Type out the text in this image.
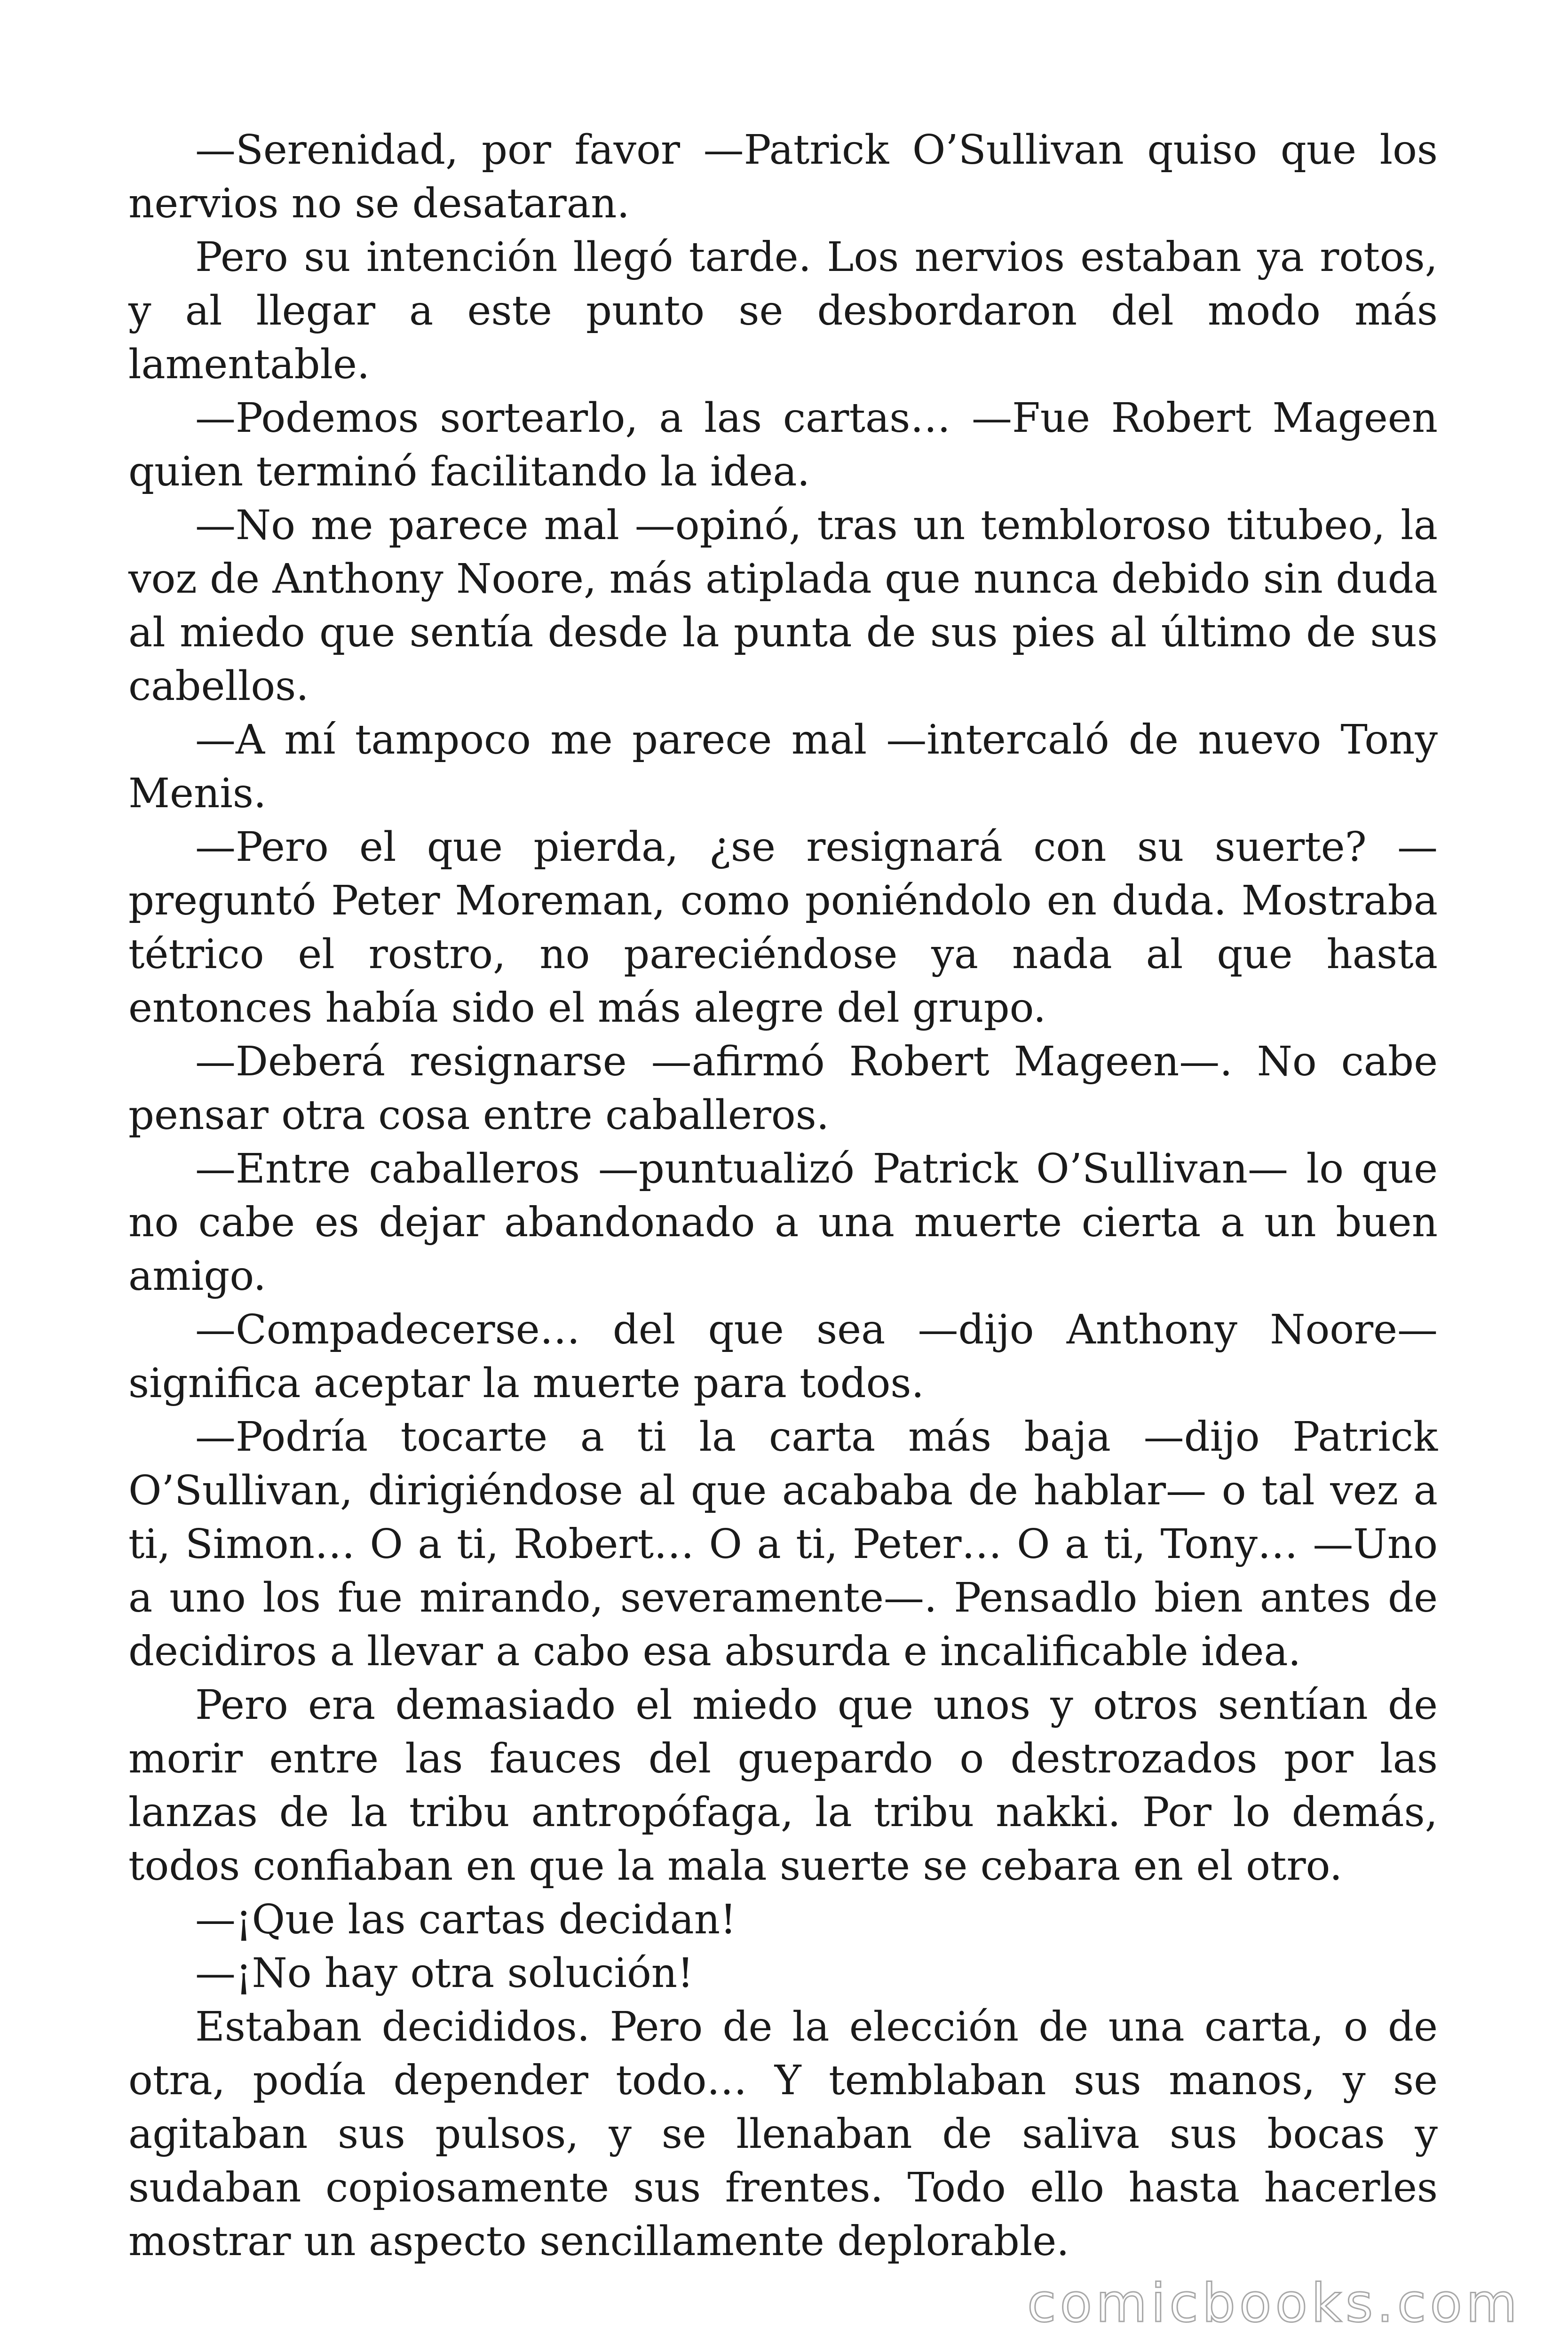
—Serenidad, por favor —Patrick O’Sullivan quiso que los nervios no se desataran.

Pero su intención llegó tarde. Los nervios estaban ya rotos, y al llegar a este punto se desbordaron del modo más lamentable.

—Podemos sortearlo, a las cartas… —Fue Robert Mageen quien terminó facilitando la idea.

—No me parece mal —opinó, tras un tembloroso titubeo, la voz de Anthony Noore, más atiplada que nunca debido sin duda al miedo que sentía desde la punta de sus pies al último de sus cabellos.

—A mí tampoco me parece mal —intercaló de nuevo Tony Menis.

—Pero el que pierda, ¿se resignará con su suerte? —preguntó Peter Moreman, como poniéndolo en duda. Mostraba tétrico el rostro, no pareciéndose ya nada al que hasta entonces había sido el más alegre del grupo.

—Deberá resignarse —afirmó Robert Mageen—. No cabe pensar otra cosa entre caballeros.

—Entre caballeros —puntualizó Patrick O’Sullivan— lo que no cabe es dejar abandonado a una muerte cierta a un buen amigo.

—Compadecerse… del que sea —dijo Anthony Noore— significa aceptar la muerte para todos.

—Podría tocarte a ti la carta más baja —dijo Patrick O’Sullivan, dirigiéndose al que acababa de hablar— o tal vez a ti, Simon… O a ti, Robert… O a ti, Peter… O a ti, Tony… —Uno a uno los fue mirando, severamente—. Pensadlo bien antes de decidiros a llevar a cabo esa absurda e incalificable idea.

Pero era demasiado el miedo que unos y otros sentían de morir entre las fauces del guepardo o destrozados por las lanzas de la tribu antropófaga, la tribu nakki. Por lo demás, todos confiaban en que la mala suerte se cebara en el otro.

—¡Que las cartas decidan!

—¡No hay otra solución!

Estaban decididos. Pero de la elección de una carta, o de otra, podía depender todo… Y temblaban sus manos, y se agitaban sus pulsos, y se llenaban de saliva sus bocas y sudaban copiosamente sus frentes. Todo ello hasta hacerles mostrar un aspecto sencillamente deplorable.

comicbooks.com
